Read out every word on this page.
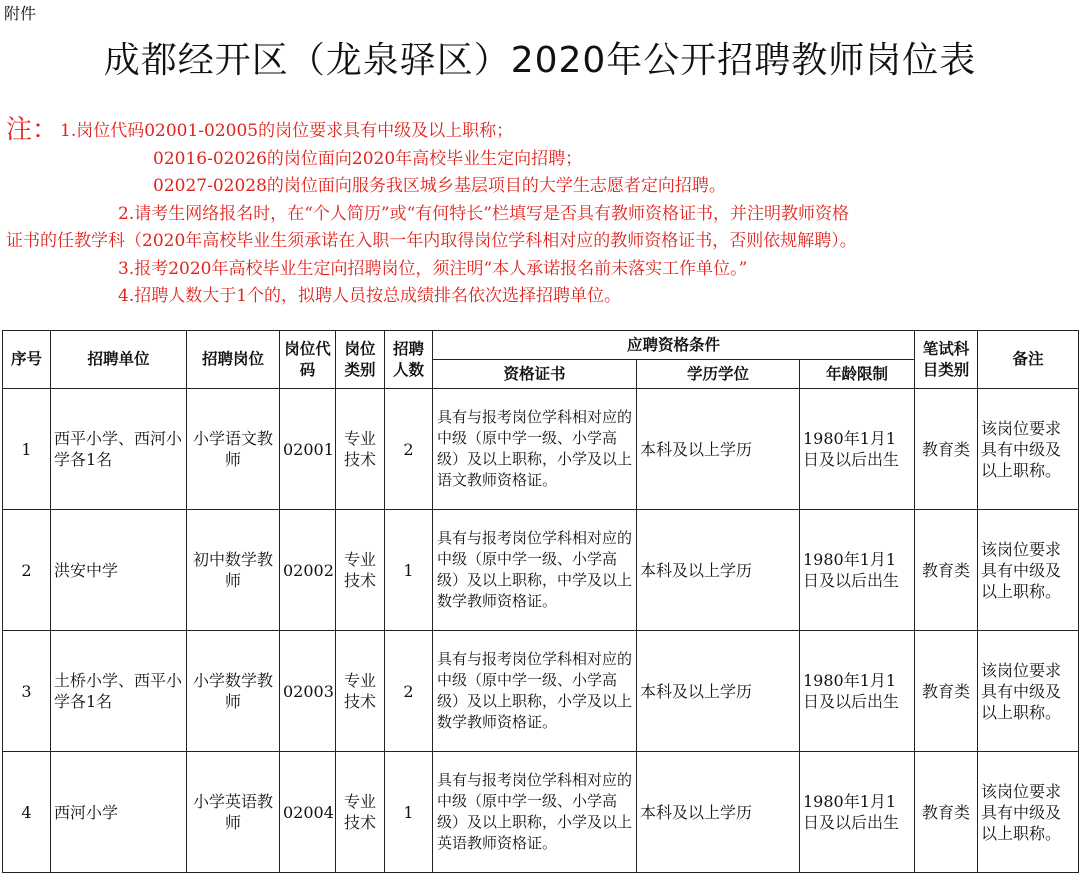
附件
成都经开区（龙泉驿区）2020年公开招聘教师岗位表
注： 1.岗位代码02001-02005的岗位要求具有中级及以上职称；
02016-02026的岗位面向2020年高校毕业生定向招聘；
02027-02028的岗位面向服务我区城乡基层项目的大学生志愿者定向招聘。
2.请考生网络报名时，在“个人简历”或“有何特长”栏填写是否具有教师资格证书，并注明教师资格
证书的任教学科（2020年高校毕业生须承诺在入职一年内取得岗位学科相对应的教师资格证书，否则依规解聘）。
3.报考2020年高校毕业生定向招聘岗位，须注明“本人承诺报名前未落实工作单位。”
4.招聘人数大于1个的，拟聘人员按总成绩排名依次选择招聘单位。
序号	招聘单位	招聘岗位	岗位代码	岗位类别	招聘人数	应聘资格条件			笔试科目类别	备注
						资格证书	学历学位	年龄限制		
1	西平小学、西河小学各1名	小学语文教师	02001	专业技术	2	具有与报考岗位学科相对应的中级（原中学一级、小学高级）及以上职称，小学及以上语文教师资格证。	本科及以上学历	1980年1月1日及以后出生	教育类	该岗位要求具有中级及以上职称。
2	洪安中学	初中数学教师	02002	专业技术	1	具有与报考岗位学科相对应的中级（原中学一级、小学高级）及以上职称，中学及以上数学教师资格证。	本科及以上学历	1980年1月1日及以后出生	教育类	该岗位要求具有中级及以上职称。
3	土桥小学、西平小学各1名	小学数学教师	02003	专业技术	2	具有与报考岗位学科相对应的中级（原中学一级、小学高级）及以上职称，小学及以上数学教师资格证。	本科及以上学历	1980年1月1日及以后出生	教育类	该岗位要求具有中级及以上职称。
4	西河小学	小学英语教师	02004	专业技术	1	具有与报考岗位学科相对应的中级（原中学一级、小学高级）及以上职称，小学及以上英语教师资格证。	本科及以上学历	1980年1月1日及以后出生	教育类	该岗位要求具有中级及以上职称。
